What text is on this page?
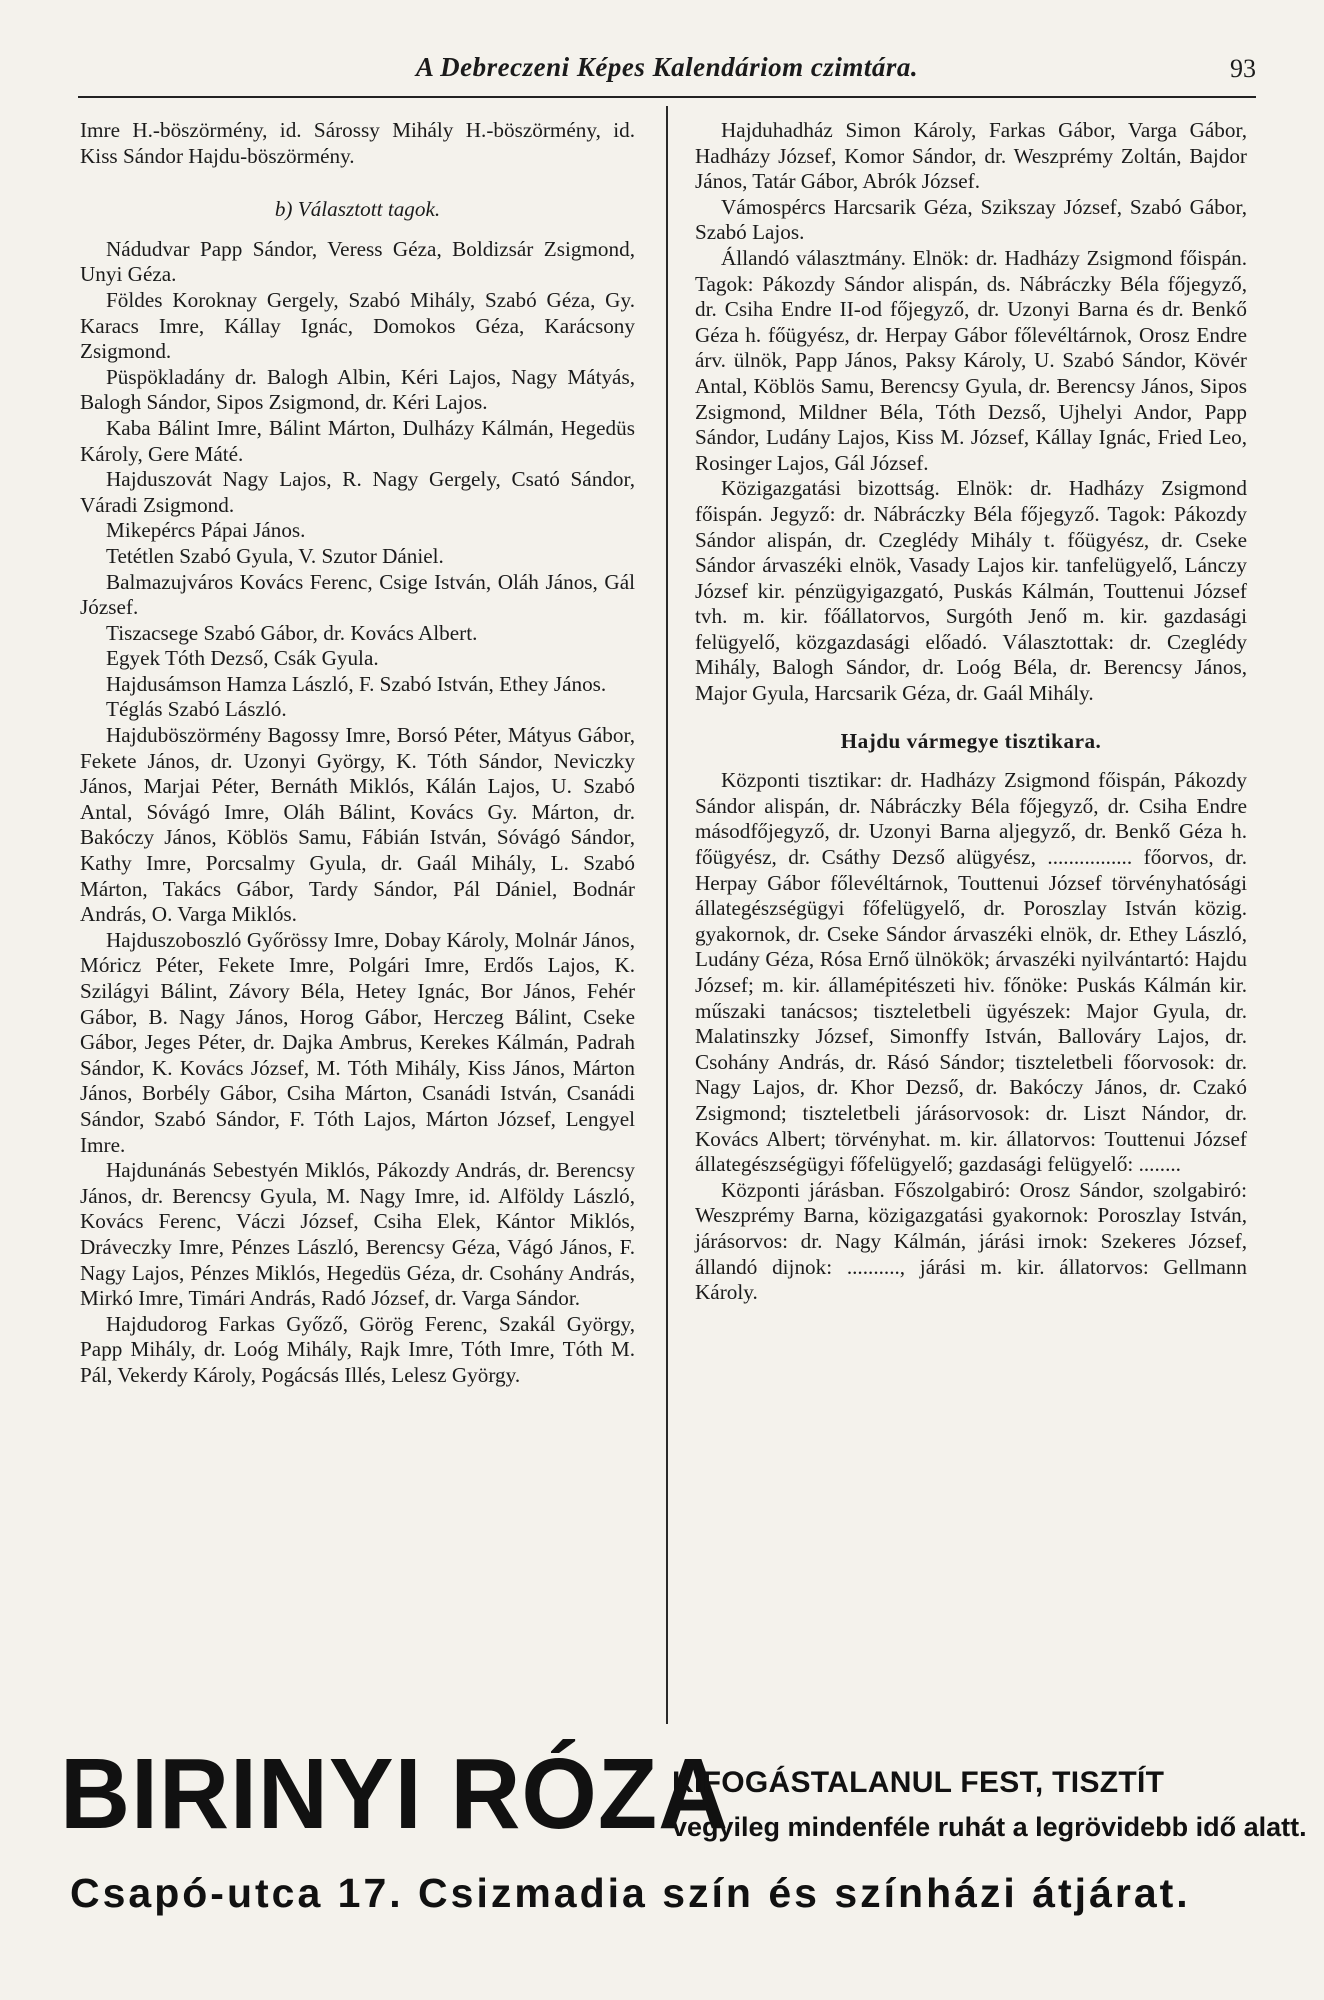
A Debreczeni Képes Kalendáriom czimtára.	93

Imre H.-böszörmény, id. Sárossy Mihály H.-böszörmény, id. Kiss Sándor Hajdu-böszörmény.

b) Választott tagok.

Nádudvar Papp Sándor, Veress Géza, Boldizsár Zsigmond, Unyi Géza.

Földes Koroknay Gergely, Szabó Mihály, Szabó Géza, Gy. Karacs Imre, Kállay Ignác, Domokos Géza, Karácsony Zsigmond.

Püspökladány dr. Balogh Albin, Kéri Lajos, Nagy Mátyás, Balogh Sándor, Sipos Zsigmond, dr. Kéri Lajos.

Kaba Bálint Imre, Bálint Márton, Dulházy Kálmán, Hegedüs Károly, Gere Máté.

Hajduszovát Nagy Lajos, R. Nagy Gergely, Csató Sándor, Váradi Zsigmond.

Mikepércs Pápai János.

Tetétlen Szabó Gyula, V. Szutor Dániel.

Balmazujváros Kovács Ferenc, Csige István, Oláh János, Gál József.

Tiszacsege Szabó Gábor, dr. Kovács Albert.

Egyek Tóth Dezső, Csák Gyula.

Hajdusámson Hamza László, F. Szabó István, Ethey János.

Téglás Szabó László.

Hajduböszörmény Bagossy Imre, Borsó Péter, Mátyus Gábor, Fekete János, dr. Uzonyi György, K. Tóth Sándor, Neviczky János, Marjai Péter, Bernáth Miklós, Kálán Lajos, U. Szabó Antal, Sóvágó Imre, Oláh Bálint, Kovács Gy. Márton, dr. Bakóczy János, Köblös Samu, Fábián István, Sóvágó Sándor, Kathy Imre, Porcsalmy Gyula, dr. Gaál Mihály, L. Szabó Márton, Takács Gábor, Tardy Sándor, Pál Dániel, Bodnár András, O. Varga Miklós.

Hajduszoboszló Győrössy Imre, Dobay Károly, Molnár János, Móricz Péter, Fekete Imre, Polgári Imre, Erdős Lajos, K. Szilágyi Bálint, Závory Béla, Hetey Ignác, Bor János, Fehér Gábor, B. Nagy János, Horog Gábor, Herczeg Bálint, Cseke Gábor, Jeges Péter, dr. Dajka Ambrus, Kerekes Kálmán, Padrah Sándor, K. Kovács József, M. Tóth Mihály, Kiss János, Márton János, Borbély Gábor, Csiha Márton, Csanádi István, Csanádi Sándor, Szabó Sándor, F. Tóth Lajos, Márton József, Lengyel Imre.

Hajdunánás Sebestyén Miklós, Pákozdy András, dr. Berencsy János, dr. Berencsy Gyula, M. Nagy Imre, id. Alföldy László, Kovács Ferenc, Váczi József, Csiha Elek, Kántor Miklós, Dráveczky Imre, Pénzes László, Berencsy Géza, Vágó János, F. Nagy Lajos, Pénzes Miklós, Hegedüs Géza, dr. Csohány András, Mirkó Imre, Timári András, Radó József, dr. Varga Sándor.

Hajdudorog Farkas Győző, Görög Ferenc, Szakál György, Papp Mihály, dr. Loóg Mihály, Rajk Imre, Tóth Imre, Tóth M. Pál, Vekerdy Károly, Pogácsás Illés, Lelesz György.

Hajduhadház Simon Károly, Farkas Gábor, Varga Gábor, Hadházy József, Komor Sándor, dr. Weszprémy Zoltán, Bajdor János, Tatár Gábor, Abrók József.

Vámospércs Harcsarik Géza, Szikszay József, Szabó Gábor, Szabó Lajos.

Állandó választmány. Elnök: dr. Hadházy Zsigmond főispán. Tagok: Pákozdy Sándor alispán, ds. Nábráczky Béla főjegyző, dr. Csiha Endre II-od főjegyző, dr. Uzonyi Barna és dr. Benkő Géza h. főügyész, dr. Herpay Gábor főlevéltárnok, Orosz Endre árv. ülnök, Papp János, Paksy Károly, U. Szabó Sándor, Kövér Antal, Köblös Samu, Berencsy Gyula, dr. Berencsy János, Sipos Zsigmond, Mildner Béla, Tóth Dezső, Ujhelyi Andor, Papp Sándor, Ludány Lajos, Kiss M. József, Kállay Ignác, Fried Leo, Rosinger Lajos, Gál József.

Közigazgatási bizottság. Elnök: dr. Hadházy Zsigmond főispán. Jegyző: dr. Nábráczky Béla főjegyző. Tagok: Pákozdy Sándor alispán, dr. Czeglédy Mihály t. főügyész, dr. Cseke Sándor árvaszéki elnök, Vasady Lajos kir. tanfelügyelő, Lánczy József kir. pénzügyigazgató, Puskás Kálmán, Touttenui József tvh. m. kir. főállatorvos, Surgóth Jenő m. kir. gazdasági felügyelő, közgazdasági előadó. Választottak: dr. Czeglédy Mihály, Balogh Sándor, dr. Loóg Béla, dr. Berencsy János, Major Gyula, Harcsarik Géza, dr. Gaál Mihály.

Hajdu vármegye tisztikara.

Központi tisztikar: dr. Hadházy Zsigmond főispán, Pákozdy Sándor alispán, dr. Nábráczky Béla főjegyző, dr. Csiha Endre másodfőjegyző, dr. Uzonyi Barna aljegyző, dr. Benkő Géza h. főügyész, dr. Csáthy Dezső alügyész, ................ főorvos, dr. Herpay Gábor főlevéltárnok, Touttenui József törvényhatósági állategészségügyi főfelügyelő, dr. Poroszlay István közig. gyakornok, dr. Cseke Sándor árvaszéki elnök, dr. Ethey László, Ludány Géza, Rósa Ernő ülnökök; árvaszéki nyilvántartó: Hajdu József; m. kir. államépitészeti hiv. főnöke: Puskás Kálmán kir. műszaki tanácsos; tiszteletbeli ügyészek: Major Gyula, dr. Malatinszky József, Simonffy István, Ballováry Lajos, dr. Csohány András, dr. Rásó Sándor; tiszteletbeli főorvosok: dr. Nagy Lajos, dr. Khor Dezső, dr. Bakóczy János, dr. Czakó Zsigmond; tiszteletbeli járásorvosok: dr. Liszt Nándor, dr. Kovács Albert; törvényhat. m. kir. állatorvos: Touttenui József állategészségügyi főfelügyelő; gazdasági felügyelő: ........

Központi járásban. Főszolgabiró: Orosz Sándor, szolgabiró: Weszprémy Barna, közigazgatási gyakornok: Poroszlay István, járásorvos: dr. Nagy Kálmán, járási irnok: Szekeres József, állandó dijnok: .........., járási m. kir. állatorvos: Gellmann Károly.

BIRINYI RÓZA
KIFOGÁSTALANUL FEST, TISZTÍT
vegyileg mindenféle ruhát a legrövidebb idő alatt.
Csapó-utca 17. Csizmadia szín és színházi átjárat.
